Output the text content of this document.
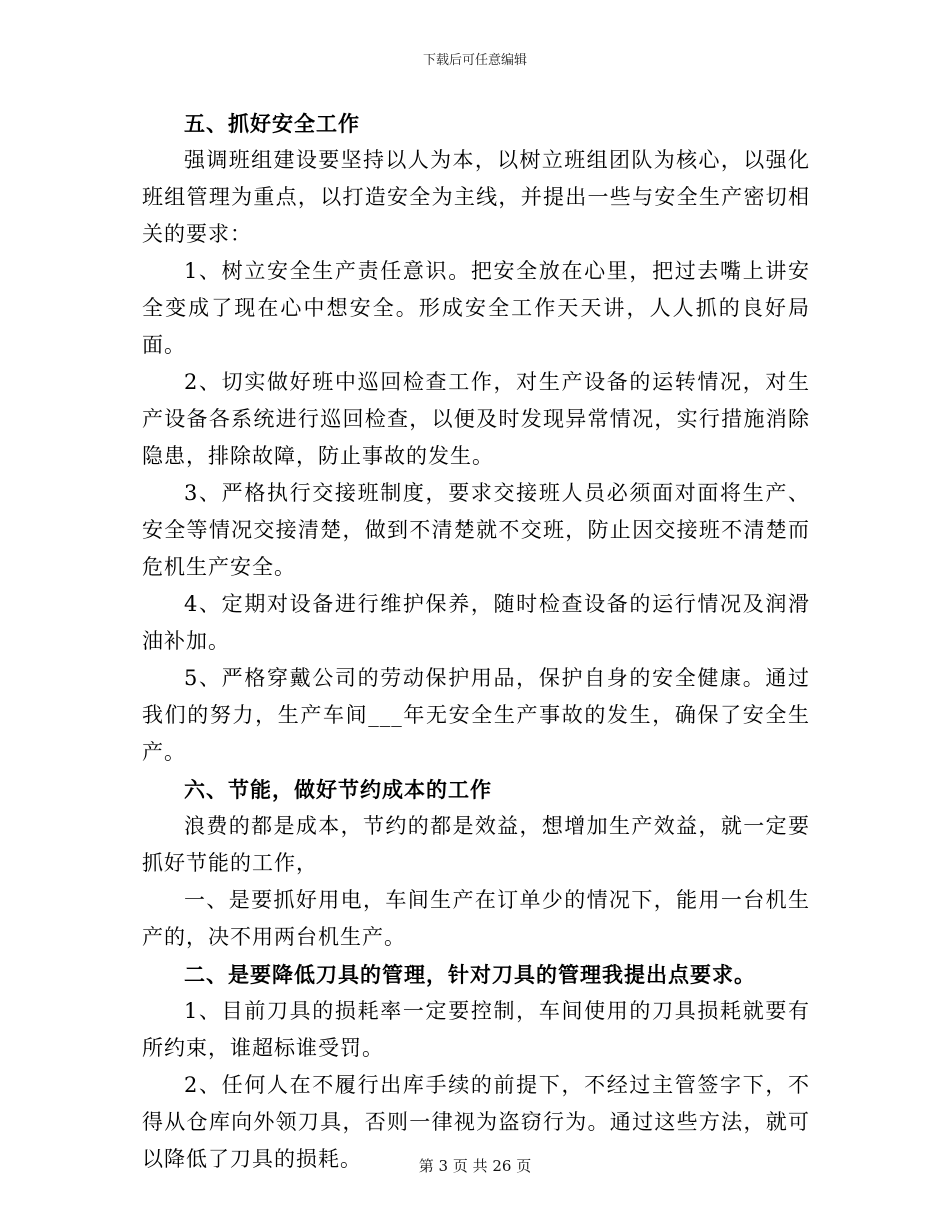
下载后可任意编辑

五、抓好安全工作

强调班组建设要坚持以人为本，以树立班组团队为核心，以强化班组管理为重点，以打造安全为主线，并提出一些与安全生产密切相关的要求：

1、树立安全生产责任意识。把安全放在心里，把过去嘴上讲安全变成了现在心中想安全。形成安全工作天天讲，人人抓的良好局面。

2、切实做好班中巡回检查工作，对生产设备的运转情况，对生产设备各系统进行巡回检查，以便及时发现异常情况，实行措施消除隐患，排除故障，防止事故的发生。

3、严格执行交接班制度，要求交接班人员必须面对面将生产、安全等情况交接清楚，做到不清楚就不交班，防止因交接班不清楚而危机生产安全。

4、定期对设备进行维护保养，随时检查设备的运行情况及润滑油补加。

5、严格穿戴公司的劳动保护用品，保护自身的安全健康。通过我们的努力，生产车间___年无安全生产事故的发生，确保了安全生产。

六、节能，做好节约成本的工作

浪费的都是成本，节约的都是效益，想增加生产效益，就一定要抓好节能的工作，

一、是要抓好用电，车间生产在订单少的情况下，能用一台机生产的，决不用两台机生产。

二、是要降低刀具的管理，针对刀具的管理我提出点要求。

1、目前刀具的损耗率一定要控制，车间使用的刀具损耗就要有所约束，谁超标谁受罚。

2、任何人在不履行出库手续的前提下，不经过主管签字下，不得从仓库向外领刀具，否则一律视为盗窃行为。通过这些方法，就可以降低了刀具的损耗。	第 3 页 共 26 页
